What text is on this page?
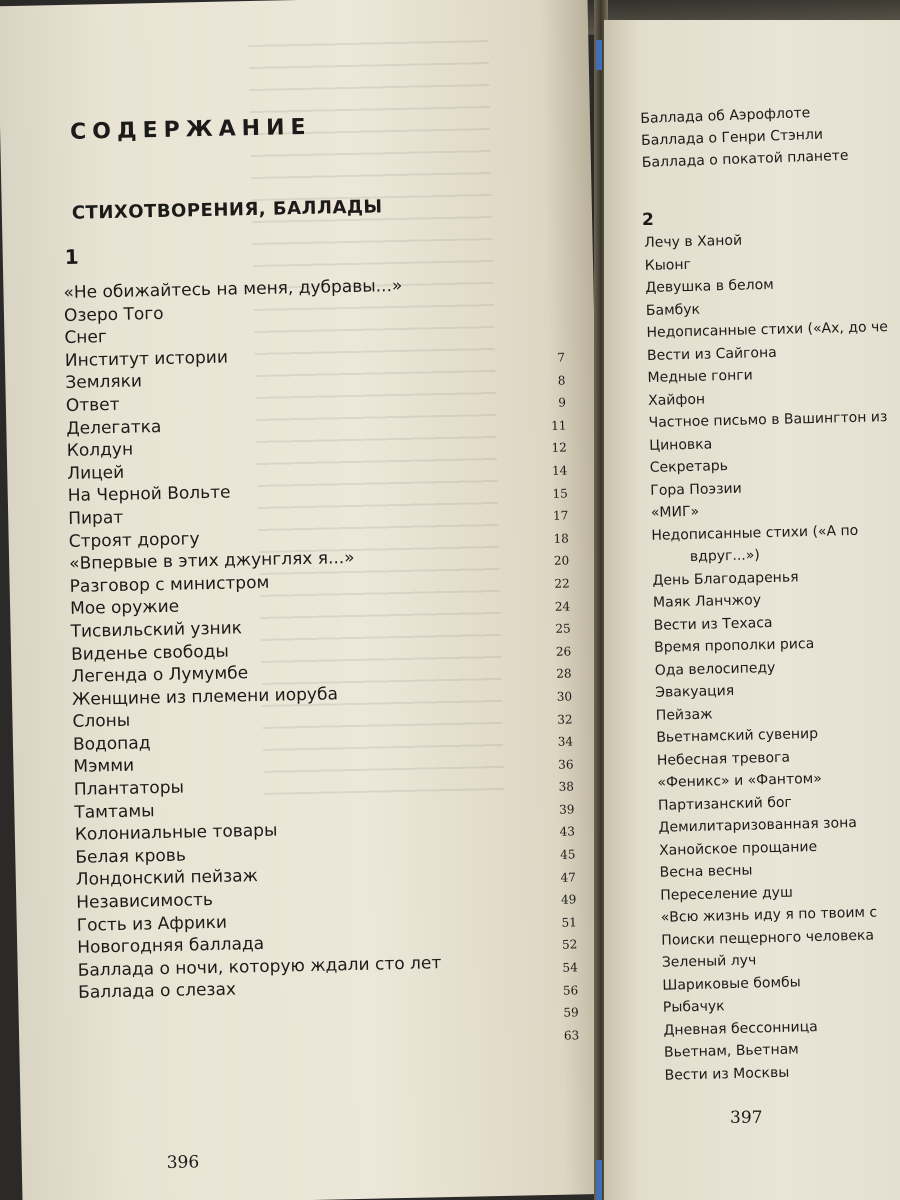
СОДЕРЖАНИЕ
СТИХОТВОРЕНИЯ, БАЛЛАДЫ
1
«Не обижайтесь на меня, дубравы...»
Озеро Того
Снег
Институт истории
Земляки
Ответ
Делегатка
Колдун
Лицей
На Черной Вольте
Пират
Строят дорогу
«Впервые в этих джунглях я...»
Разговор с министром
Мое оружие
Тисвильский узник
Виденье свободы
Легенда о Лумумбе
Женщине из племени иоруба
Слоны
Водопад
Мэмми
Плантаторы
Тамтамы
Колониальные товары
Белая кровь
Лондонский пейзаж
Независимость
Гость из Африки
Новогодняя баллада
Баллада о ночи, которую ждали сто лет
Баллада о слезах
7
8
9
11
12
14
15
17
18
20
22
24
25
26
28
30
32
34
36
38
39
43
45
47
49
51
52
54
56
59
63
396
Баллада об Аэрофлоте
Баллада о Генри Стэнли
Баллада о покатой планете
2
Лечу в Ханой
Кыонг
Девушка в белом
Бамбук
Недописанные стихи («Ах, до че
Вести из Сайгона
Медные гонги
Хайфон
Частное письмо в Вашингтон из
Циновка
Секретарь
Гора Поэзии
«МИГ»
Недописанные стихи («А по
вдруг...»)
День Благодаренья
Маяк Ланчжоу
Вести из Техаса
Время прополки риса
Ода велосипеду
Эвакуация
Пейзаж
Вьетнамский сувенир
Небесная тревога
«Феникс» и «Фантом»
Партизанский бог
Демилитаризованная зона
Ханойское прощание
Весна весны
Переселение душ
«Всю жизнь иду я по твоим с
Поиски пещерного человека
Зеленый луч
Шариковые бомбы
Рыбачук
Дневная бессонница
Вьетнам, Вьетнам
Вести из Москвы
397
